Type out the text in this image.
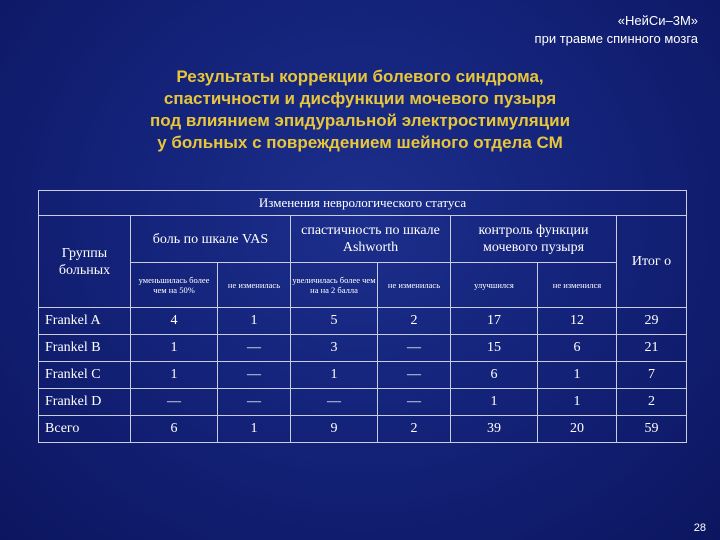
«НейСи–3М»
при травме спинного мозга
Результаты коррекции болевого синдрома,
спастичности и дисфункции мочевого пузыря
под влиянием эпидуральной электростимуляции
у больных с повреждением шейного отдела СМ
Изменения неврологического статуса							
Группы больных	боль по шкале VAS		спастичность по шкале Ashworth		контроль функции мочевого пузыря		Итог о
	уменьшилась более чем на 50%	не изменилась	увеличилась более чем на на 2 балла	не изменилась	улучшился	не изменился	
Frankel A	4	1	5	2	17	12	29
Frankel B	1	—	3	—	15	6	21
Frankel C	1	—	1	—	6	1	7
Frankel D	—	—	—	—	1	1	2
Всего	6	1	9	2	39	20	59
28
